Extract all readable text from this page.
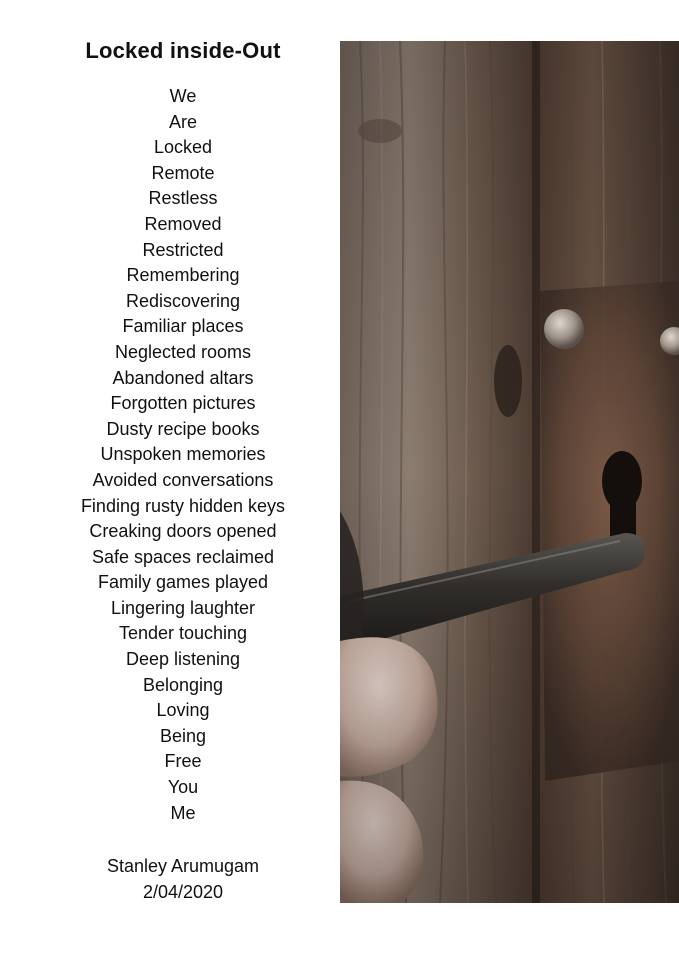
Locked inside-Out
We
Are
Locked
Remote
Restless
Removed
Restricted
Remembering
Rediscovering
Familiar places
Neglected rooms
Abandoned altars
Forgotten pictures
Dusty recipe books
Unspoken memories
Avoided conversations
Finding rusty hidden keys
Creaking doors opened
Safe spaces reclaimed
Family games played
Lingering laughter
Tender touching
Deep listening
Belonging
Loving
Being
Free
You
Me
Stanley Arumugam
2/04/2020
